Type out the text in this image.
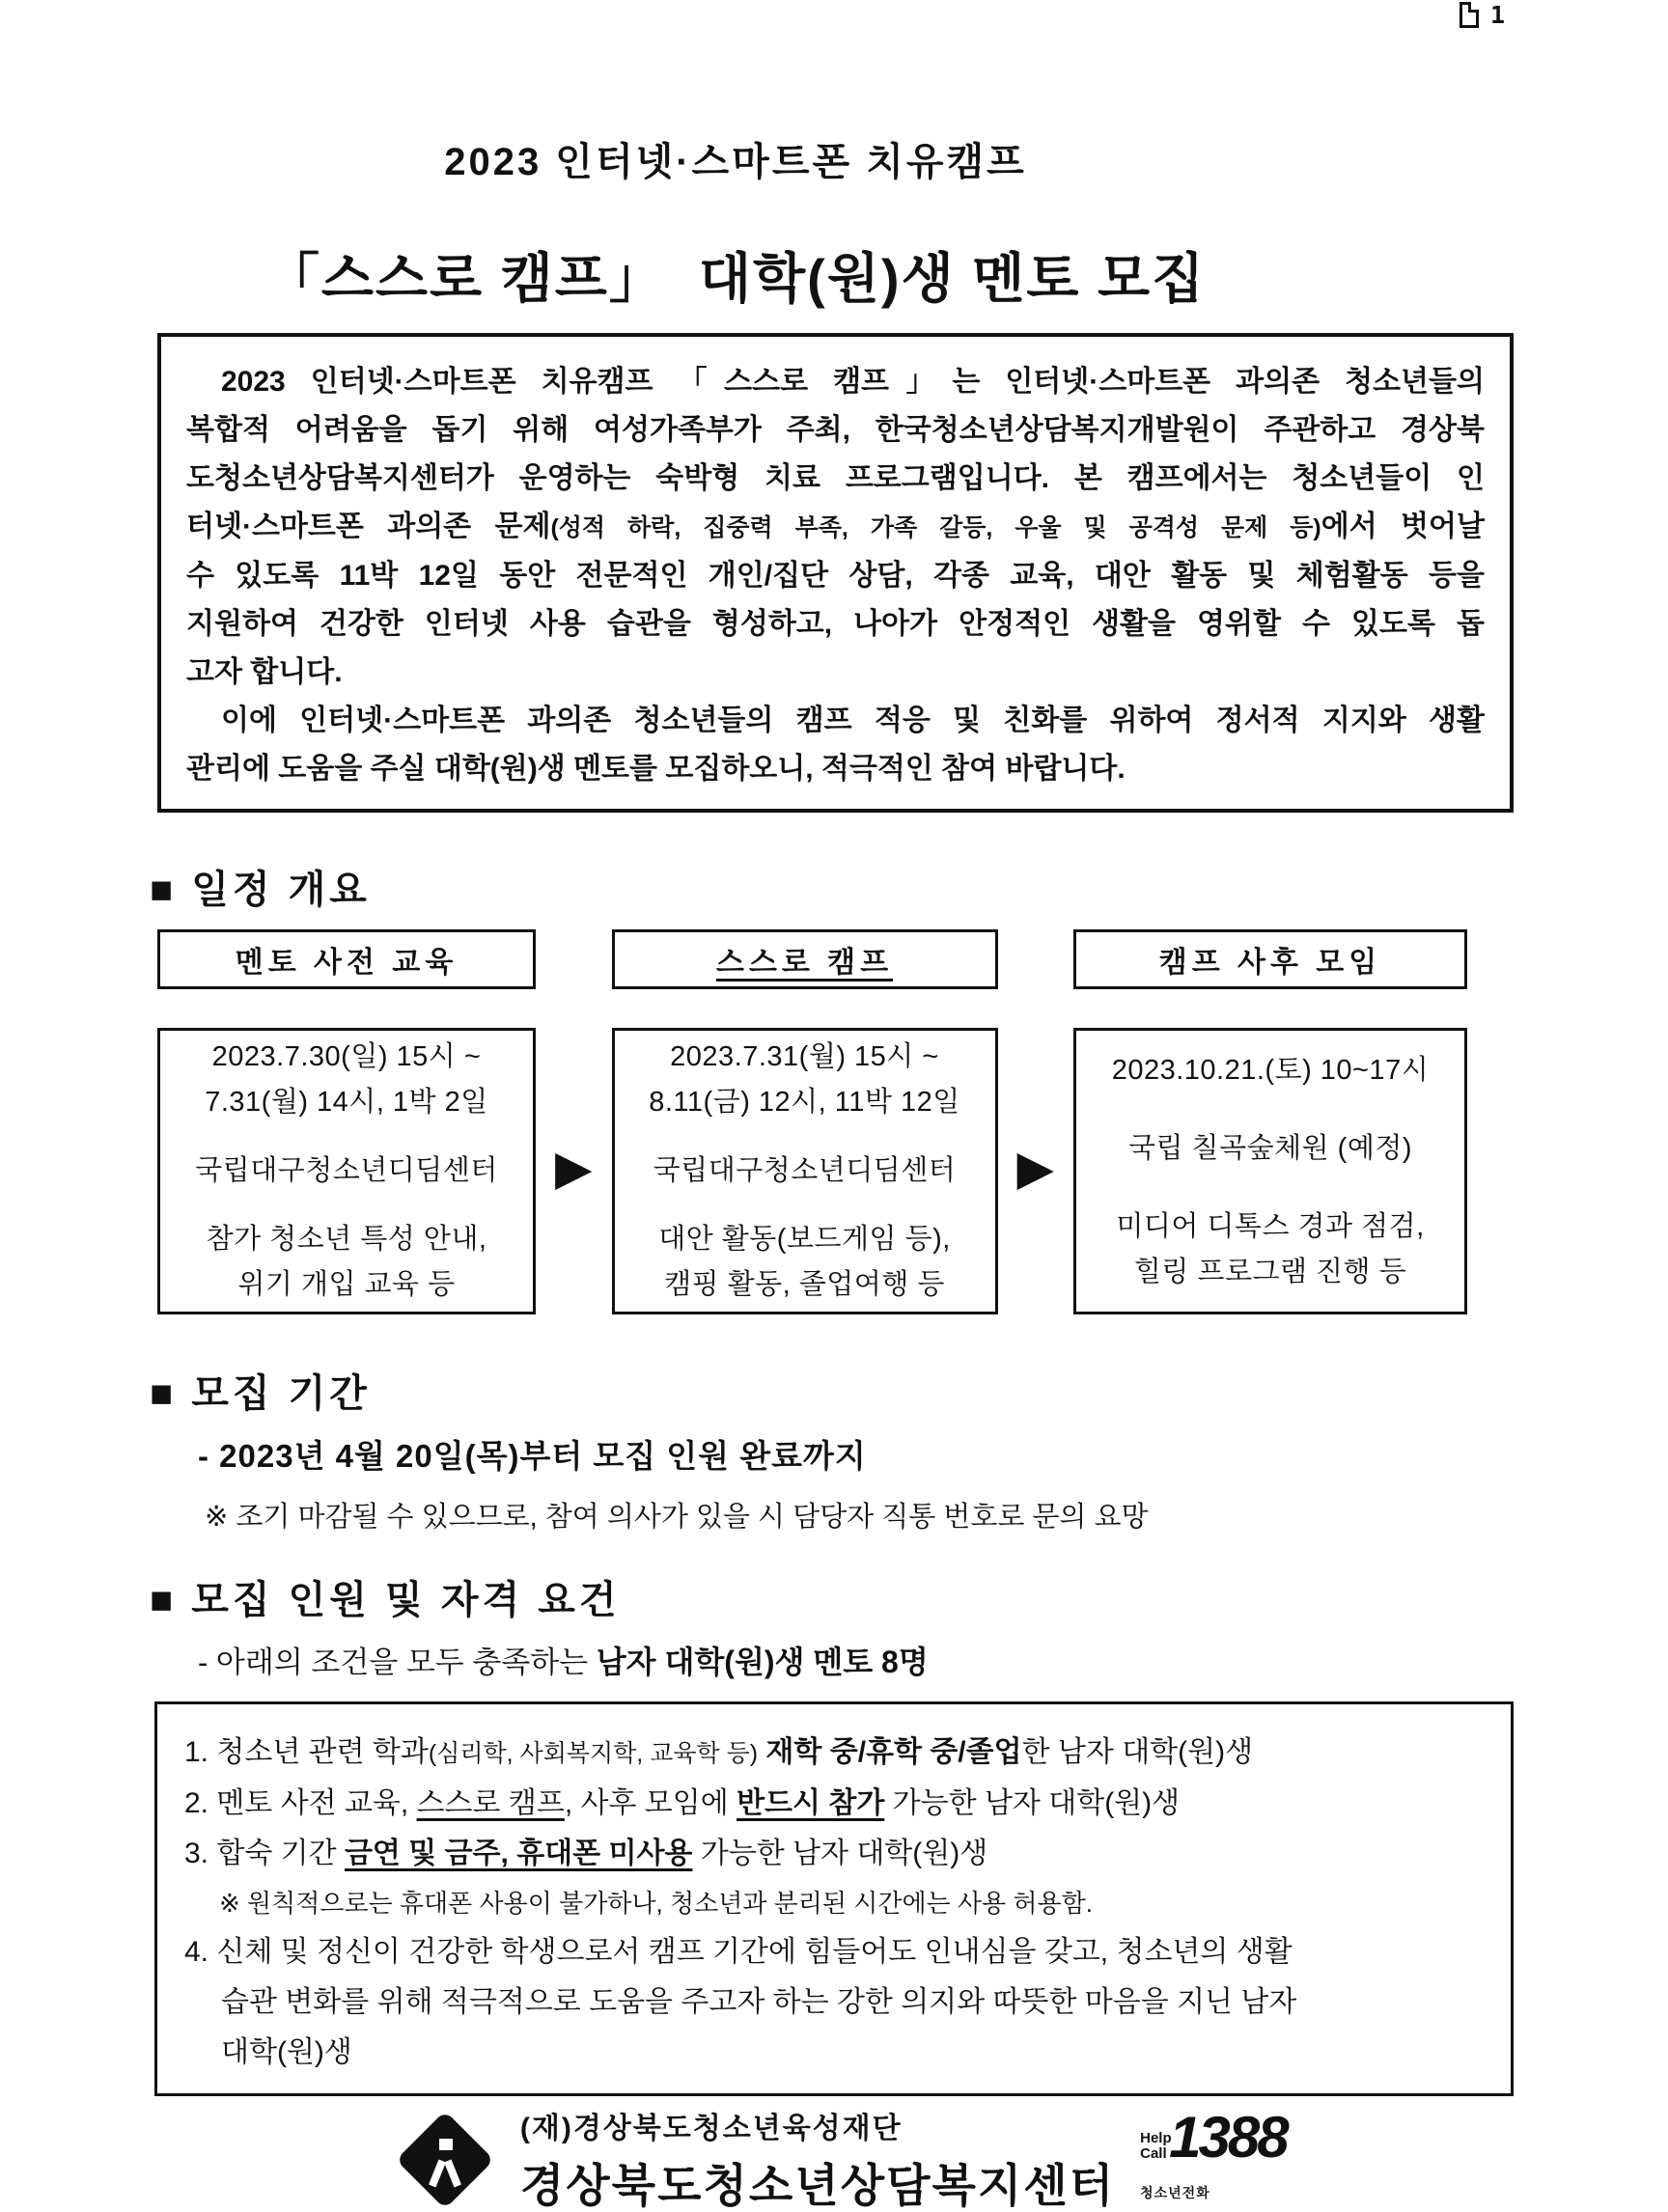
1

2023 인터넷·스마트폰 치유캠프

「스스로 캠프」  대학(원)생 멘토 모집

2023 인터넷·스마트폰 치유캠프 「스스로 캠프」는 인터넷·스마트폰 과의존 청소년들의

복합적 어려움을 돕기 위해 여성가족부가 주최, 한국청소년상담복지개발원이 주관하고 경상북

도청소년상담복지센터가 운영하는 숙박형 치료 프로그램입니다. 본 캠프에서는 청소년들이 인

터넷·스마트폰 과의존 문제(성적 하락, 집중력 부족, 가족 갈등, 우울 및 공격성 문제 등)에서 벗어날

수 있도록 11박 12일 동안 전문적인 개인/집단 상담, 각종 교육, 대안 활동 및 체험활동 등을

지원하여 건강한 인터넷 사용 습관을 형성하고, 나아가 안정적인 생활을 영위할 수 있도록 돕

고자 합니다.

이에 인터넷·스마트폰 과의존 청소년들의 캠프 적응 및 친화를 위하여 정서적 지지와 생활

관리에 도움을 주실 대학(원)생 멘토를 모집하오니, 적극적인 참여 바랍니다.

■ 일정 개요
멘토 사전 교육

2023.7.30(일) 15시 ~

7.31(월) 14시, 1박 2일

국립대구청소년디딤센터

참가 청소년 특성 안내,

위기 개입 교육 등

▶
스스로 캠프

2023.7.31(월) 15시 ~

8.11(금) 12시, 11박 12일

국립대구청소년디딤센터

대안 활동(보드게임 등),

캠핑 활동, 졸업여행 등

▶
캠프 사후 모임

2023.10.21.(토) 10~17시

국립 칠곡숲체원 (예정)

미디어 디톡스 경과 점검,

힐링 프로그램 진행 등

■ 모집 기간
- 2023년 4월 20일(목)부터 모집 인원 완료까지
※ 조기 마감될 수 있으므로, 참여 의사가 있을 시 담당자 직통 번호로 문의 요망
■ 모집 인원 및 자격 요건
- 아래의 조건을 모두 충족하는 남자 대학(원)생 멘토 8명

1. 청소년 관련 학과(심리학, 사회복지학, 교육학 등) 재학 중/휴학 중/졸업한 남자 대학(원)생

2. 멘토 사전 교육, 스스로 캠프, 사후 모임에 반드시 참가 가능한 남자 대학(원)생

3. 합숙 기간 금연 및 금주, 휴대폰 미사용 가능한 남자 대학(원)생

※ 원칙적으로는 휴대폰 사용이 불가하나, 청소년과 분리된 시간에는 사용 허용함.

4. 신체 및 정신이 건강한 학생으로서 캠프 기간에 힘들어도 인내심을 갖고, 청소년의 생활

습관 변화를 위해 적극적으로 도움을 주고자 하는 강한 의지와 따뜻한 마음을 지닌 남자

대학(원)생

(재)경상북도청소년육성재단
경상북도청소년상담복지센터
Help
Call 1388
청소년전화
